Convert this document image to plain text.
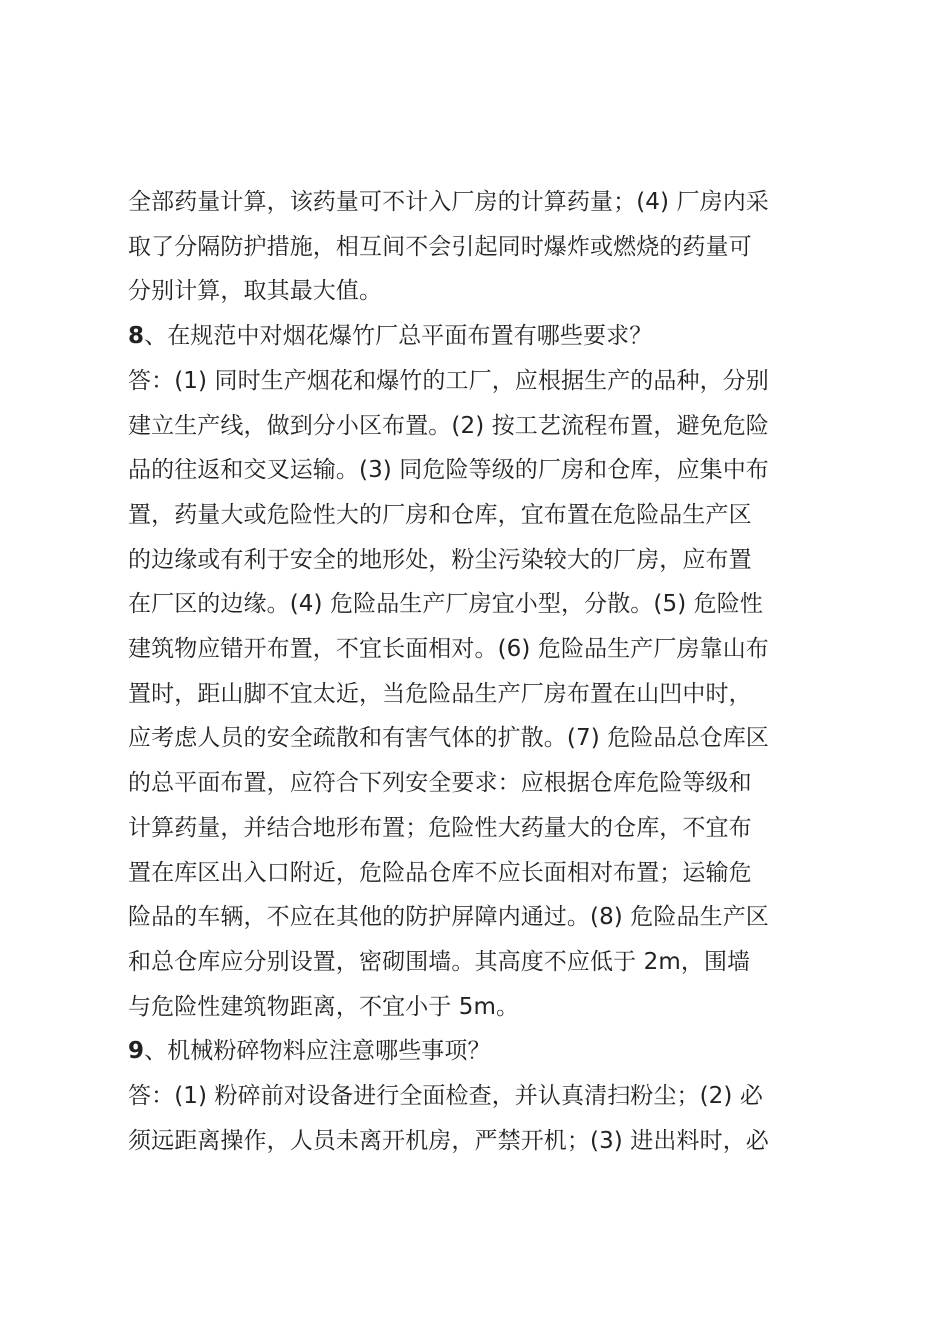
全部药量计算，该药量可不计入厂房的计算药量；(4) 厂房内采

取了分隔防护措施，相互间不会引起同时爆炸或燃烧的药量可

分别计算，取其最大值。

8、在规范中对烟花爆竹厂总平面布置有哪些要求？

答：(1) 同时生产烟花和爆竹的工厂，应根据生产的品种，分别

建立生产线，做到分小区布置。(2) 按工艺流程布置，避免危险

品的往返和交叉运输。(3) 同危险等级的厂房和仓库，应集中布

置，药量大或危险性大的厂房和仓库，宜布置在危险品生产区

的边缘或有利于安全的地形处，粉尘污染较大的厂房，应布置

在厂区的边缘。(4) 危险品生产厂房宜小型，分散。(5) 危险性

建筑物应错开布置，不宜长面相对。(6) 危险品生产厂房靠山布

置时，距山脚不宜太近，当危险品生产厂房布置在山凹中时，

应考虑人员的安全疏散和有害气体的扩散。(7) 危险品总仓库区

的总平面布置，应符合下列安全要求：应根据仓库危险等级和

计算药量，并结合地形布置；危险性大药量大的仓库，不宜布

置在库区出入口附近，危险品仓库不应长面相对布置；运输危

险品的车辆，不应在其他的防护屏障内通过。(8) 危险品生产区

和总仓库应分别设置，密砌围墙。其高度不应低于 2m，围墙

与危险性建筑物距离，不宜小于 5m。

9、机械粉碎物料应注意哪些事项？

答：(1) 粉碎前对设备进行全面检查，并认真清扫粉尘；(2) 必

须远距离操作，人员未离开机房，严禁开机；(3) 进出料时，必
